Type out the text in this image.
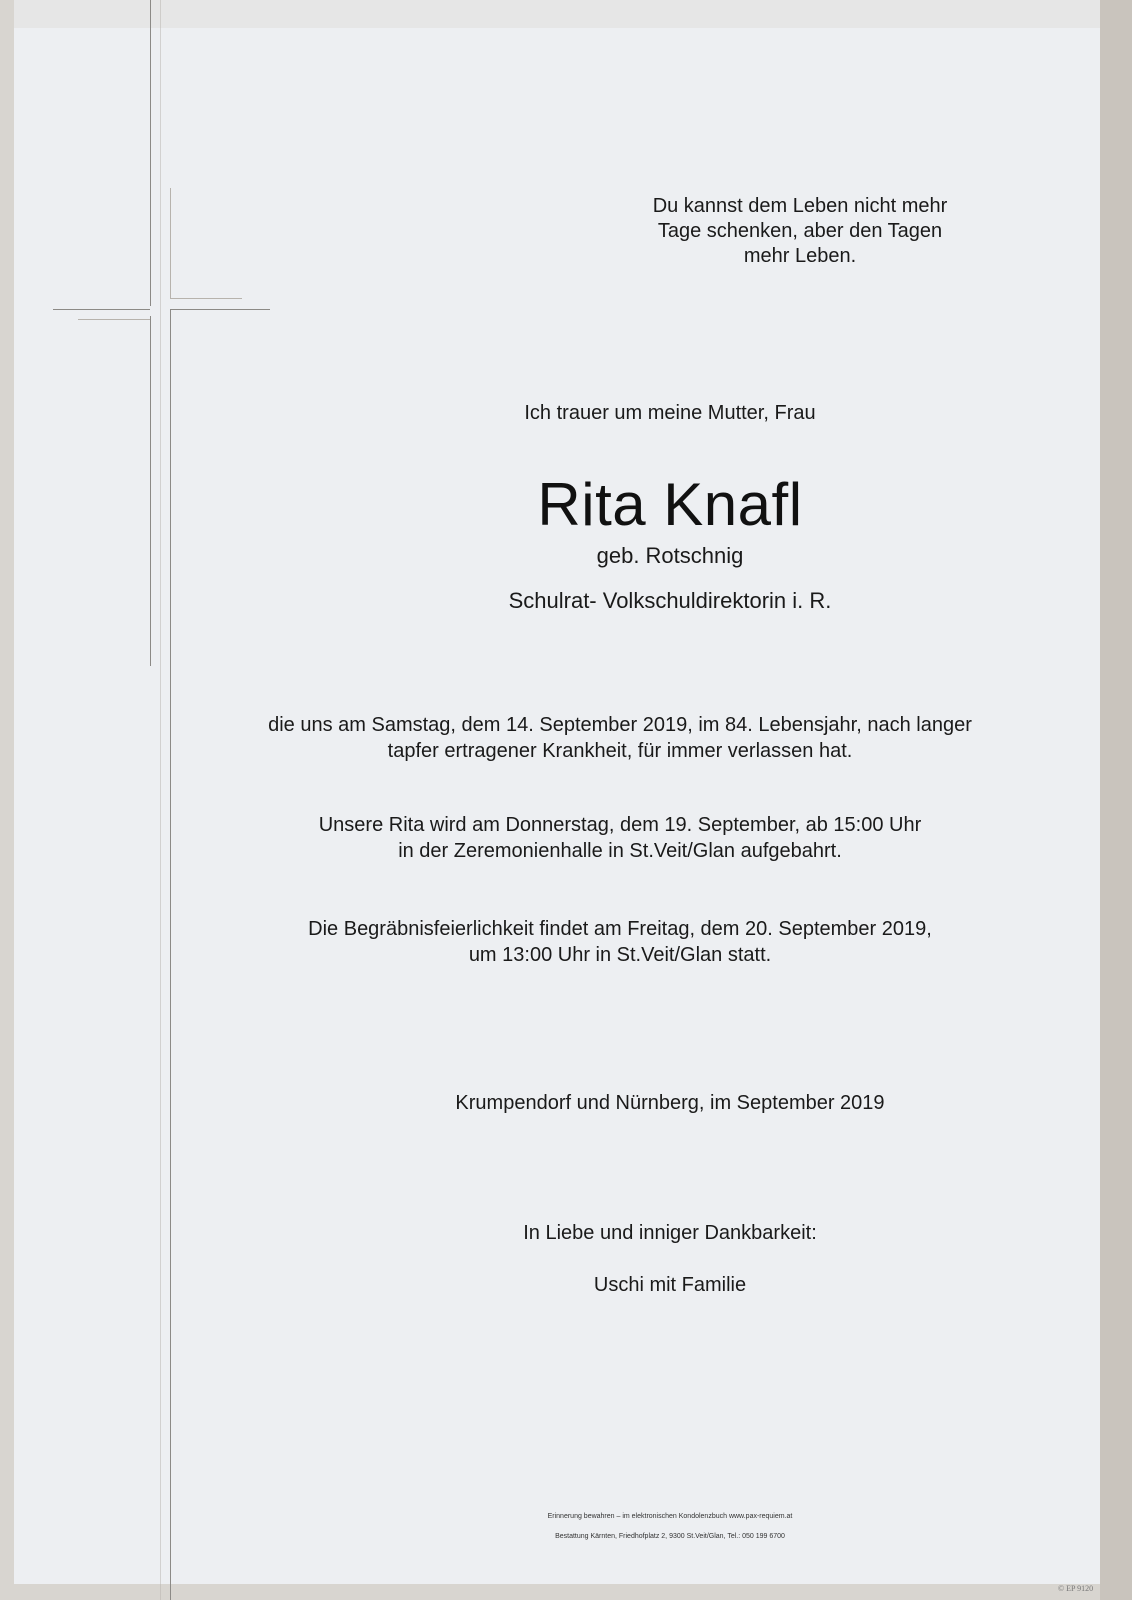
Du kannst dem Leben nicht mehr
Tage schenken, aber den Tagen
mehr Leben.
Ich trauer um meine Mutter, Frau
Rita Knafl
geb. Rotschnig
Schulrat- Volkschuldirektorin i. R.
die uns am Samstag, dem 14. September 2019, im 84. Lebensjahr, nach langer
tapfer ertragener Krankheit, für immer verlassen hat.
Unsere Rita wird am Donnerstag, dem 19. September, ab 15:00 Uhr
in der Zeremonienhalle in St.Veit/Glan aufgebahrt.
Die Begräbnisfeierlichkeit findet am Freitag, dem 20. September 2019,
um 13:00 Uhr in St.Veit/Glan statt.
Krumpendorf und Nürnberg, im September 2019
In Liebe und inniger Dankbarkeit:
Uschi mit Familie
Erinnerung bewahren – im elektronischen Kondolenzbuch www.pax-requiem.at
Bestattung Kärnten, Friedhofplatz 2, 9300 St.Veit/Glan, Tel.: 050 199 6700
© EP 9120
